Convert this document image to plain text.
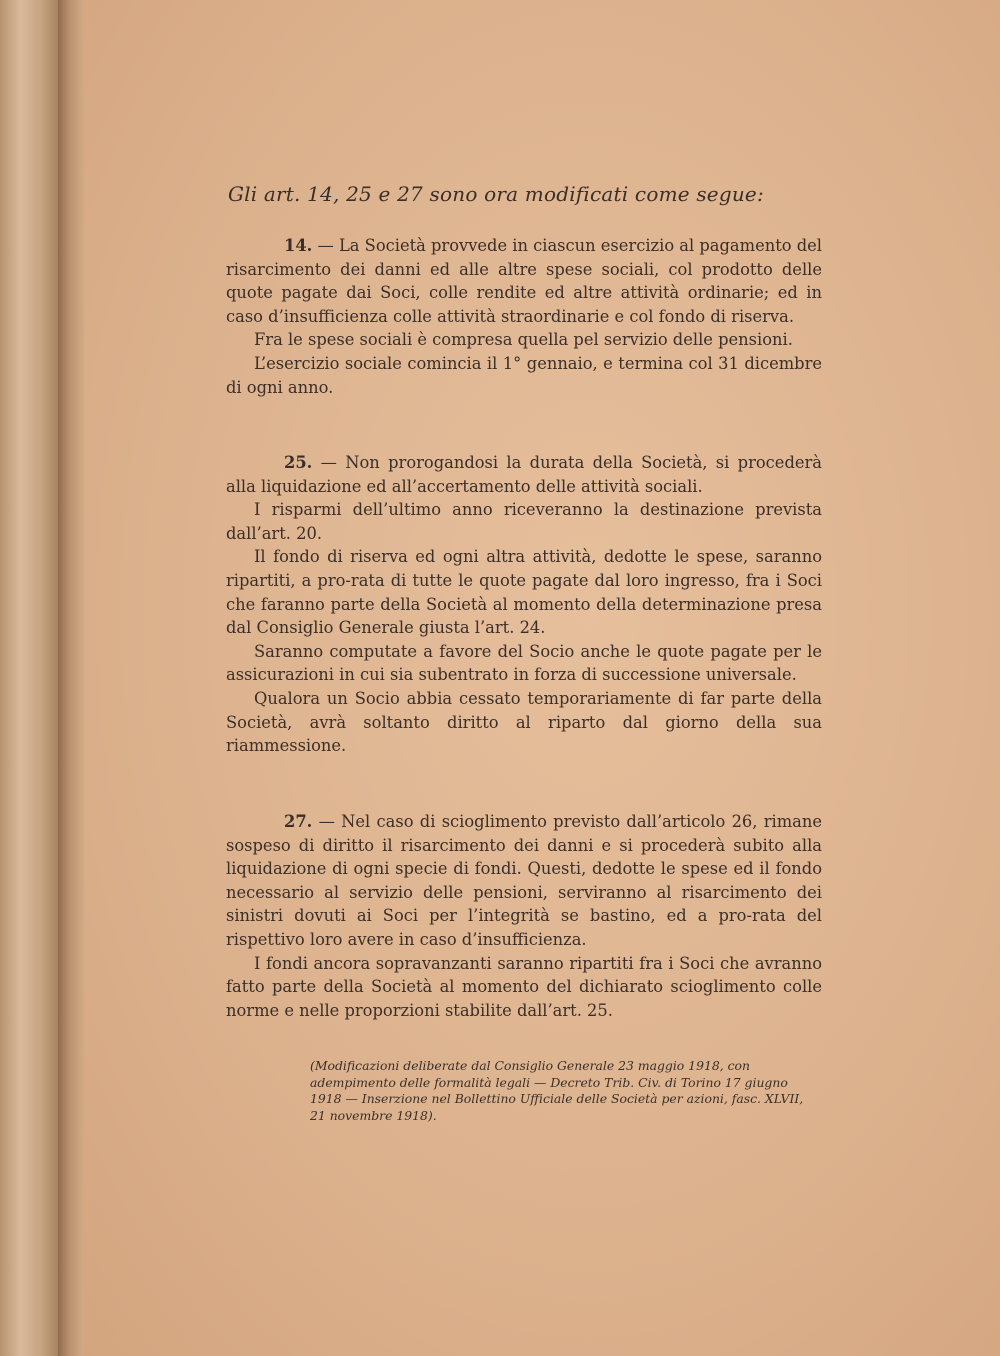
Gli art. 14, 25 e 27 sono ora modificati come segue:

14. — La Società provvede in ciascun esercizio al pagamento del risarcimento dei danni ed alle altre spese sociali, col prodotto delle quote pagate dai Soci, colle rendite ed altre attività ordinarie; ed in caso d’insufficienza colle attività straordinarie e col fondo di riserva.

Fra le spese sociali è compresa quella pel servizio delle pensioni.

L’esercizio sociale comincia il 1° gennaio, e termina col 31 dicembre di ogni anno.

25. — Non prorogandosi la durata della Società, si procederà alla liquidazione ed all’accertamento delle attività sociali.

I risparmi dell’ultimo anno riceveranno la destinazione prevista dall’art. 20.

Il fondo di riserva ed ogni altra attività, dedotte le spese, saranno ripartiti, a pro-rata di tutte le quote pagate dal loro ingresso, fra i Soci che faranno parte della Società al momento della determinazione presa dal Consiglio Generale giusta l’art. 24.

Saranno computate a favore del Socio anche le quote pagate per le assicurazioni in cui sia subentrato in forza di successione universale.

Qualora un Socio abbia cessato temporariamente di far parte della Società, avrà soltanto diritto al riparto dal giorno della sua riammessione.

27. — Nel caso di scioglimento previsto dall’articolo 26, rimane sospeso di diritto il risarcimento dei danni e si procederà subito alla liquidazione di ogni specie di fondi. Questi, dedotte le spese ed il fondo necessario al servizio delle pensioni, serviranno al risarcimento dei sinistri dovuti ai Soci per l’integrità se bastino, ed a pro-rata del rispettivo loro avere in caso d’insufficienza.

I fondi ancora sopravanzanti saranno ripartiti fra i Soci che avranno fatto parte della Società al momento del dichiarato scioglimento colle norme e nelle proporzioni stabilite dall’art. 25.

(Modificazioni deliberate dal Consiglio Generale 23 maggio 1918, con adempimento delle formalità legali — Decreto Trib. Civ. di Torino 17 giugno 1918 — Inserzione nel Bollettino Ufficiale delle Società per azioni, fasc. XLVII, 21 novembre 1918).
